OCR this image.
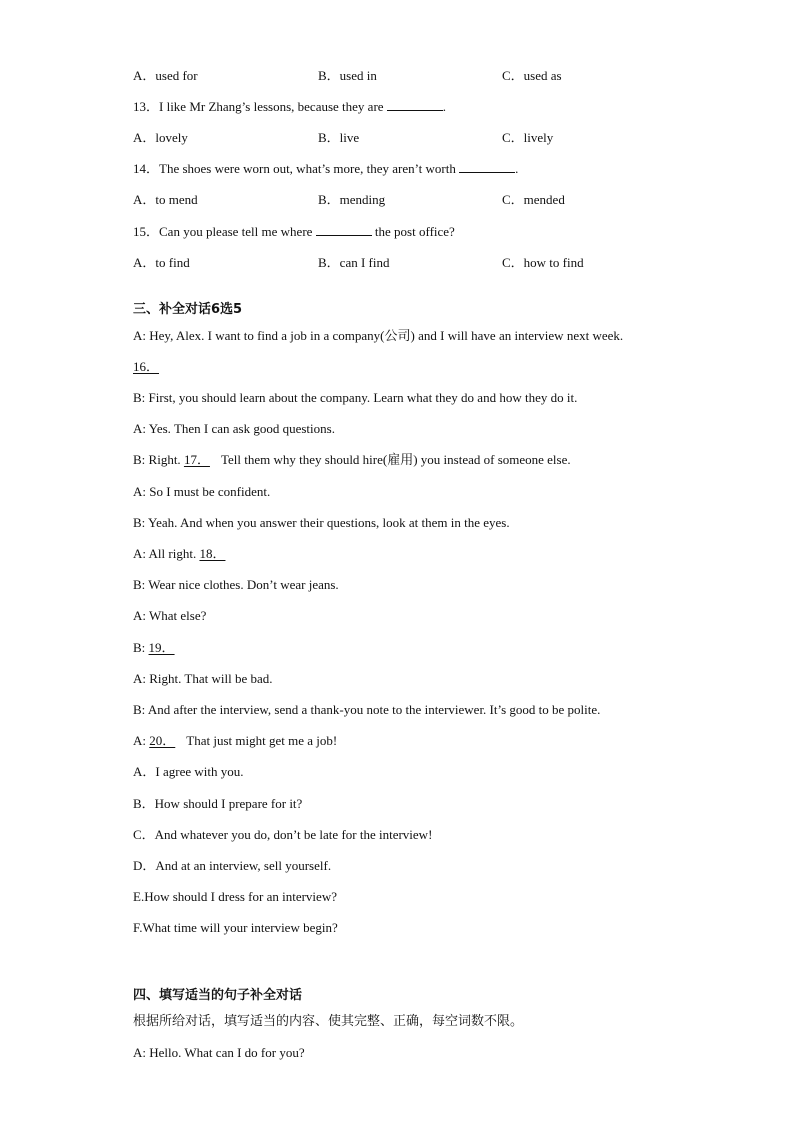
A．used for	B．used in	C．used as
13．I like Mr Zhang’s lessons, because they are	.
A．lovely	B．live	C．lively
14．The shoes were worn out, what’s more, they aren’t worth	.
A．to mend	B．mending	C．mended
15．Can you please tell me where	the post office?
A．to find	B．can I find	C．how to find
三、补全对话6选5
A: Hey, Alex. I want to find a job in a company(公司) and I will have an interview next week.
16．
B: First, you should learn about the company. Learn what they do and how they do it.
A: Yes. Then I can ask good questions.
B: Right. 17． Tell them why they should hire(雇用) you instead of someone else.
A: So I must be confident.
B: Yeah. And when you answer their questions, look at them in the eyes.
A: All right. 18．
B: Wear nice clothes. Don’t wear jeans.
A: What else?
B: 19．
A: Right. That will be bad.
B: And after the interview, send a thank-you note to the interviewer. It’s good to be polite.
A: 20． That just might get me a job!
A．I agree with you.
B．How should I prepare for it?
C．And whatever you do, don’t be late for the interview!
D．And at an interview, sell yourself.
E.How should I dress for an interview?
F.What time will your interview begin?
四、填写适当的句子补全对话
根据所给对话，填写适当的内容、使其完整、正确，每空词数不限。
A: Hello. What can I do for you?
